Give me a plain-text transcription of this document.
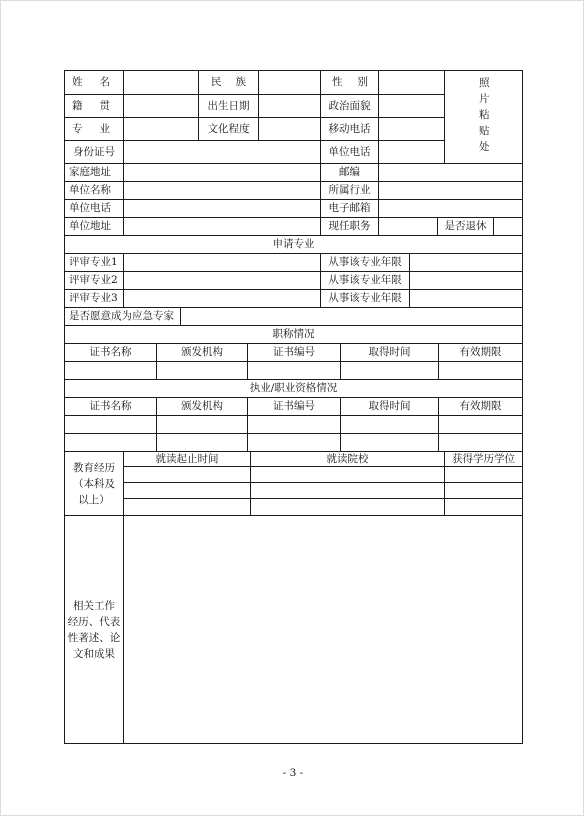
姓 名	民 族	性 别	照片粘贴处
籍 贯	出生日期	政治面貌
专 业	文化程度	移动电话
身份证号	单位电话
家庭地址	邮编
单位名称	所属行业
单位电话	电子邮箱
单位地址	现任职务	是否退休
申请专业
评审专业1	从事该专业年限
评审专业2	从事该专业年限
评审专业3	从事该专业年限
是否愿意成为应急专家
职称情况
证书名称	颁发机构	证书编号	取得时间	有效期限
执业/职业资格情况
证书名称	颁发机构	证书编号	取得时间	有效期限
教育经历
（本科及
以上）
就读起止时间	就读院校	获得学历学位
相关工作
经历、代表
性著述、论
文和成果
- 3 -
